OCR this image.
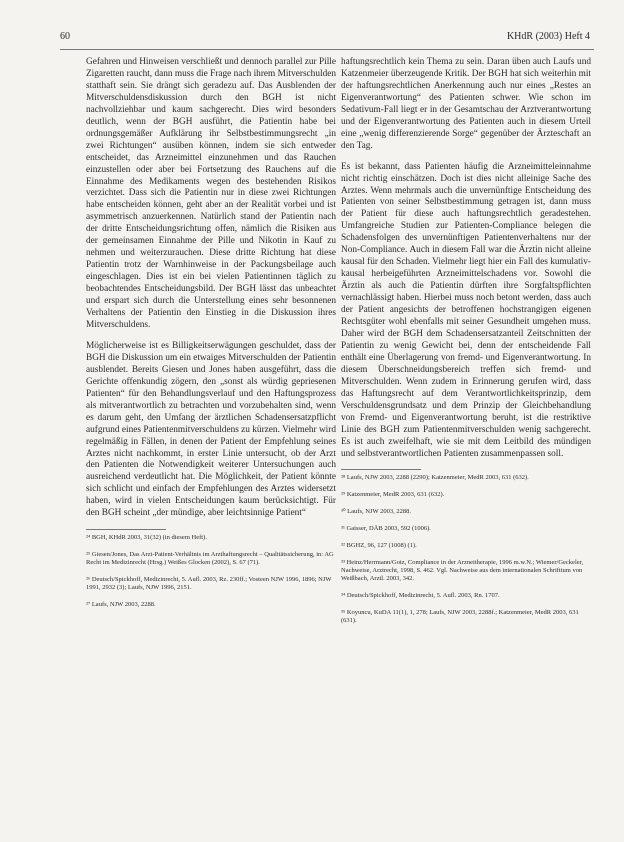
60	KHdR (2003) Heft 4

Gefahren und Hinweisen verschließt und dennoch parallel zur Pille Zigaretten raucht, dann muss die Frage nach ihrem Mitverschulden statthaft sein. Sie drängt sich geradezu auf. Das Ausblenden der Mitverschuldensdiskussion durch den BGH ist nicht nachvollziehbar und kaum sachgerecht. Dies wird besonders deutlich, wenn der BGH ausführt, die Patientin habe bei ordnungsgemäßer Aufklärung ihr Selbstbestimmungsrecht „in zwei Richtungen“ ausüben können, indem sie sich entweder entscheidet, das Arzneimittel einzunehmen und das Rauchen einzustellen oder aber bei Fortsetzung des Rauchens auf die Einnahme des Medikaments wegen des bestehenden Risikos verzichtet. Dass sich die Patientin nur in diese zwei Richtungen habe entscheiden können, geht aber an der Realität vorbei und ist asymmetrisch anzuerkennen. Natürlich stand der Patientin nach der dritte Entscheidungsrichtung offen, nämlich die Risiken aus der gemeinsamen Einnahme der Pille und Nikotin in Kauf zu nehmen und weiterzurauchen. Diese dritte Richtung hat diese Patientin trotz der Warnhinweise in der Packungsbeilage auch eingeschlagen. Dies ist ein bei vielen Patientinnen täglich zu beobachtendes Entscheidungsbild. Der BGH lässt das unbeachtet und erspart sich durch die Unterstellung eines sehr besonnenen Verhaltens der Patientin den Einstieg in die Diskussion ihres Mitverschuldens.

Möglicherweise ist es Billigkeitserwägungen geschuldet, dass der BGH die Diskussion um ein etwaiges Mitverschulden der Patientin ausblendet. Bereits Giesen und Jones haben ausgeführt, dass die Gerichte offenkundig zögern, den „sonst als würdig gepriesenen Patienten“ für den Behandlungsverlauf und den Haftungsprozess als mitverantwortlich zu betrachten und vorzubehalten sind, wenn es darum geht, den Umfang der ärztlichen Schadensersatzpflicht aufgrund eines Patientenmitverschuldens zu kürzen. Vielmehr wird regelmäßig in Fällen, in denen der Patient der Empfehlung seines Arztes nicht nachkommt, in erster Linie untersucht, ob der Arzt den Patienten die Notwendigkeit weiterer Untersuchungen auch ausreichend verdeutlicht hat. Die Möglichkeit, der Patient könnte sich schlicht und einfach der Empfehlungen des Arztes widersetzt haben, wird in vielen Entscheidungen kaum berücksichtigt. Für den BGH scheint „der mündige, aber leichtsinnige Patient“

²⁴ BGH, KHdR 2003, 31(32) (in diesem Heft).

²⁵ Giesen/Jones, Das Arzt-Patient-Verhältnis im Arzthaftungsrecht – Qualitätssicherung, in: AG Recht im Medizinrecht (Hrsg.) Weißes Glocken (2002), S. 67 (71).

²⁶ Deutsch/Spickhoff, Medizinrecht, 5. Aufl. 2003, Rz. 230ff.; Vosteen NJW 1996, 1896; NJW 1991, 2932 (3); Laufs, NJW 1996, 2151.

²⁷ Laufs, NJW 2003, 2288.

haftungsrechtlich kein Thema zu sein. Daran üben auch Laufs und Katzenmeier überzeugende Kritik. Der BGH hat sich weiterhin mit der haftungsrechtlichen Anerkennung auch nur eines „Restes an Eigenverantwortung“ des Patienten schwer. Wie schon im Sedativum-Fall liegt er in der Gesamtschau der Arztverantwortung und der Eigenverantwortung des Patienten auch in diesem Urteil eine „wenig differenzierende Sorge“ gegenüber der Ärzteschaft an den Tag.

Es ist bekannt, dass Patienten häufig die Arzneimitteleinnahme nicht richtig einschätzen. Doch ist dies nicht alleinige Sache des Arztes. Wenn mehrmals auch die unvernünftige Entscheidung des Patienten von seiner Selbstbestimmung getragen ist, dann muss der Patient für diese auch haftungsrechtlich geradestehen. Umfangreiche Studien zur Patienten-Compliance belegen die Schadensfolgen des unvernünftigen Patientenverhaltens nur der Non-Compliance. Auch in diesem Fall war die Ärztin nicht alleine kausal für den Schaden. Vielmehr liegt hier ein Fall des kumulativ-kausal herbeigeführten Arzneimittelschadens vor. Sowohl die Ärztin als auch die Patientin dürften ihre Sorgfaltspflichten vernachlässigt haben. Hierbei muss noch betont werden, dass auch der Patient angesichts der betroffenen hochstrangigen eigenen Rechtsgüter wohl ebenfalls mit seiner Gesundheit umgehen muss. Daher wird der BGH dem Schadensersatzanteil Zeitschnitten der Patientin zu wenig Gewicht bei, denn der entscheidende Fall enthält eine Überlagerung von fremd- und Eigenverantwortung. In diesem Überschneidungsbereich treffen sich fremd- und Mitverschulden. Wenn zudem in Erinnerung gerufen wird, dass das Haftungsrecht auf dem Verantwortlichkeitsprinzip, dem Verschuldensgrundsatz und dem Prinzip der Gleichbehandlung von Fremd- und Eigenverantwortung beruht, ist die restriktive Linie des BGH zum Patientenmitverschulden wenig sachgerecht. Es ist auch zweifelhaft, wie sie mit dem Leitbild des mündigen und selbstverantwortlichen Patienten zusammenpassen soll.

²⁸ Laufs, NJW 2003, 2288 (2290); Katzenmeier, MedR 2003, 631 (632).

²⁹ Katzenmeier, MedR 2003, 631 (632).

³⁰ Laufs, NJW 2003, 2288.

³¹ Gaisser, DÄB 2003, 592 (1006).

³² BGHZ, 96, 127 (1008) (1).

³³ Heinz/Herrmann/Gotz, Compliance in der Arzneitherapie, 1996 m.w.N.; Wiemer/Geckeler, Nachweise, Arztrecht, 1998, S. 462. Vgl. Nachweise aus dem internationalen Schrifttum von Weißbach, Arztl. 2003, 342.

³⁴ Deutsch/Spickhoff, Medizinrecht, 5. Aufl. 2003, Rn. 1707.

³⁵ Koyuncu, KuDA 11(1), 1, 278; Laufs, NJW 2003, 2288f.; Katzenmeier, MedR 2003, 631 (631).
